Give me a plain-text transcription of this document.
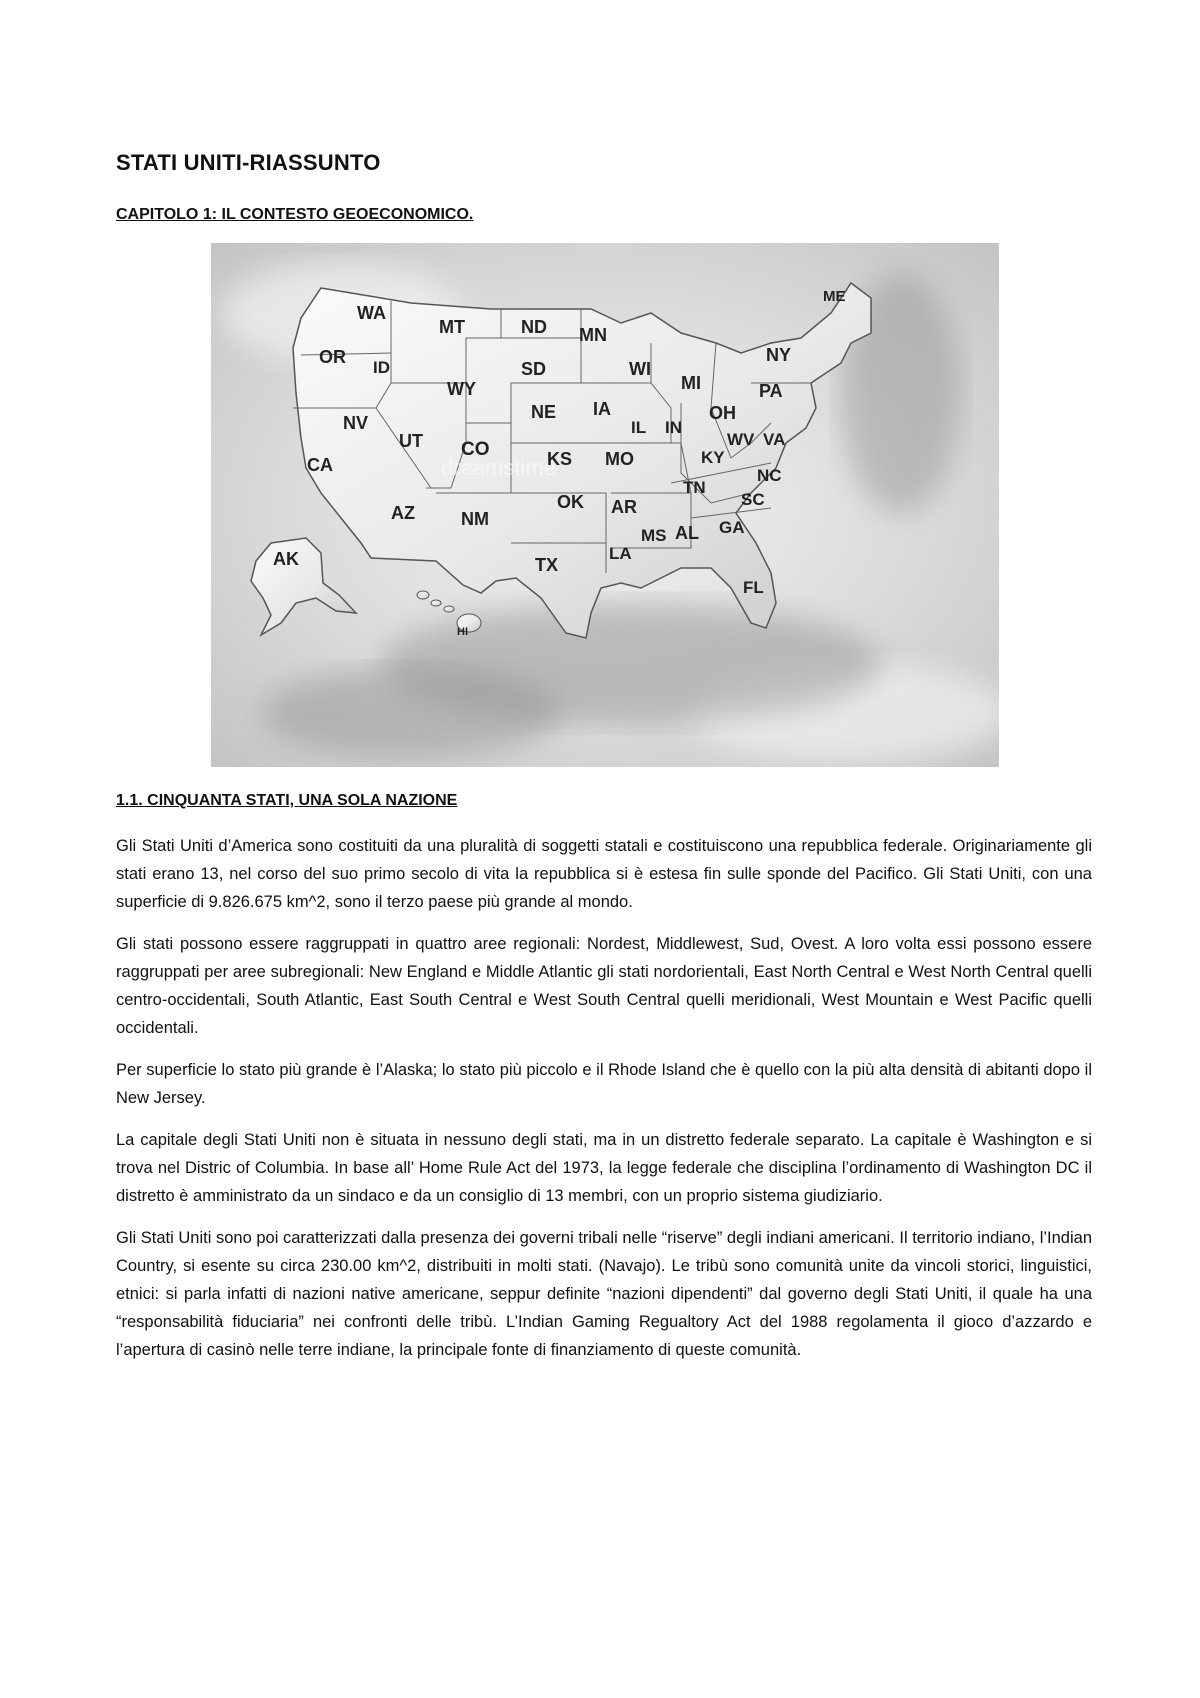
STATI UNITI-RIASSUNTO
CAPITOLO 1: IL CONTESTO GEOECONOMICO.
dreamstime
WA
OR
CA
NV
ID
MT
WY
UT
AZ
CO
NM
ND
SD
NE
KS
OK
TX
MN
IA
MO
AR
LA
WI
IL
MI
IN
OH
KY
TN
MS AL GA
FL
SC
NC
VA
WV
PA
NY
ME
AK
HI
1.1. CINQUANTA STATI, UNA SOLA NAZIONE

Gli Stati Uniti d’America sono costituiti da una pluralità di soggetti statali e costituiscono una repubblica federale. Originariamente gli stati erano 13, nel corso del suo primo secolo di vita la repubblica si è estesa fin sulle sponde del Pacifico. Gli Stati Uniti, con una superficie di 9.826.675 km^2, sono il terzo paese più grande al mondo.

Gli stati possono essere raggruppati in quattro aree regionali: Nordest, Middlewest, Sud, Ovest. A loro volta essi possono essere raggruppati per aree subregionali: New England e Middle Atlantic gli stati nordorientali, East North Central e West North Central quelli centro-occidentali, South Atlantic, East South Central e West South Central quelli meridionali, West Mountain e West Pacific quelli occidentali.

Per superficie lo stato più grande è l’Alaska; lo stato più piccolo e il Rhode Island che è quello con la più alta densità di abitanti dopo il New Jersey.

La capitale degli Stati Uniti non è situata in nessuno degli stati, ma in un distretto federale separato. La capitale è Washington e si trova nel Distric of Columbia. In base all’ Home Rule Act del 1973, la legge federale che disciplina l’ordinamento di Washington DC il distretto è amministrato da un sindaco e da un consiglio di 13 membri, con un proprio sistema giudiziario.

Gli Stati Uniti sono poi caratterizzati dalla presenza dei governi tribali nelle “riserve” degli indiani americani. Il territorio indiano, l’Indian Country, si esente su circa 230.00 km^2, distribuiti in molti stati. (Navajo). Le tribù sono comunità unite da vincoli storici, linguistici, etnici: si parla infatti di nazioni native americane, seppur definite “nazioni dipendenti” dal governo degli Stati Uniti, il quale ha una “responsabilità fiduciaria” nei confronti delle tribù. L’Indian Gaming Regualtory Act del 1988 regolamenta il gioco d’azzardo e l’apertura di casinò nelle terre indiane, la principale fonte di finanziamento di queste comunità.
